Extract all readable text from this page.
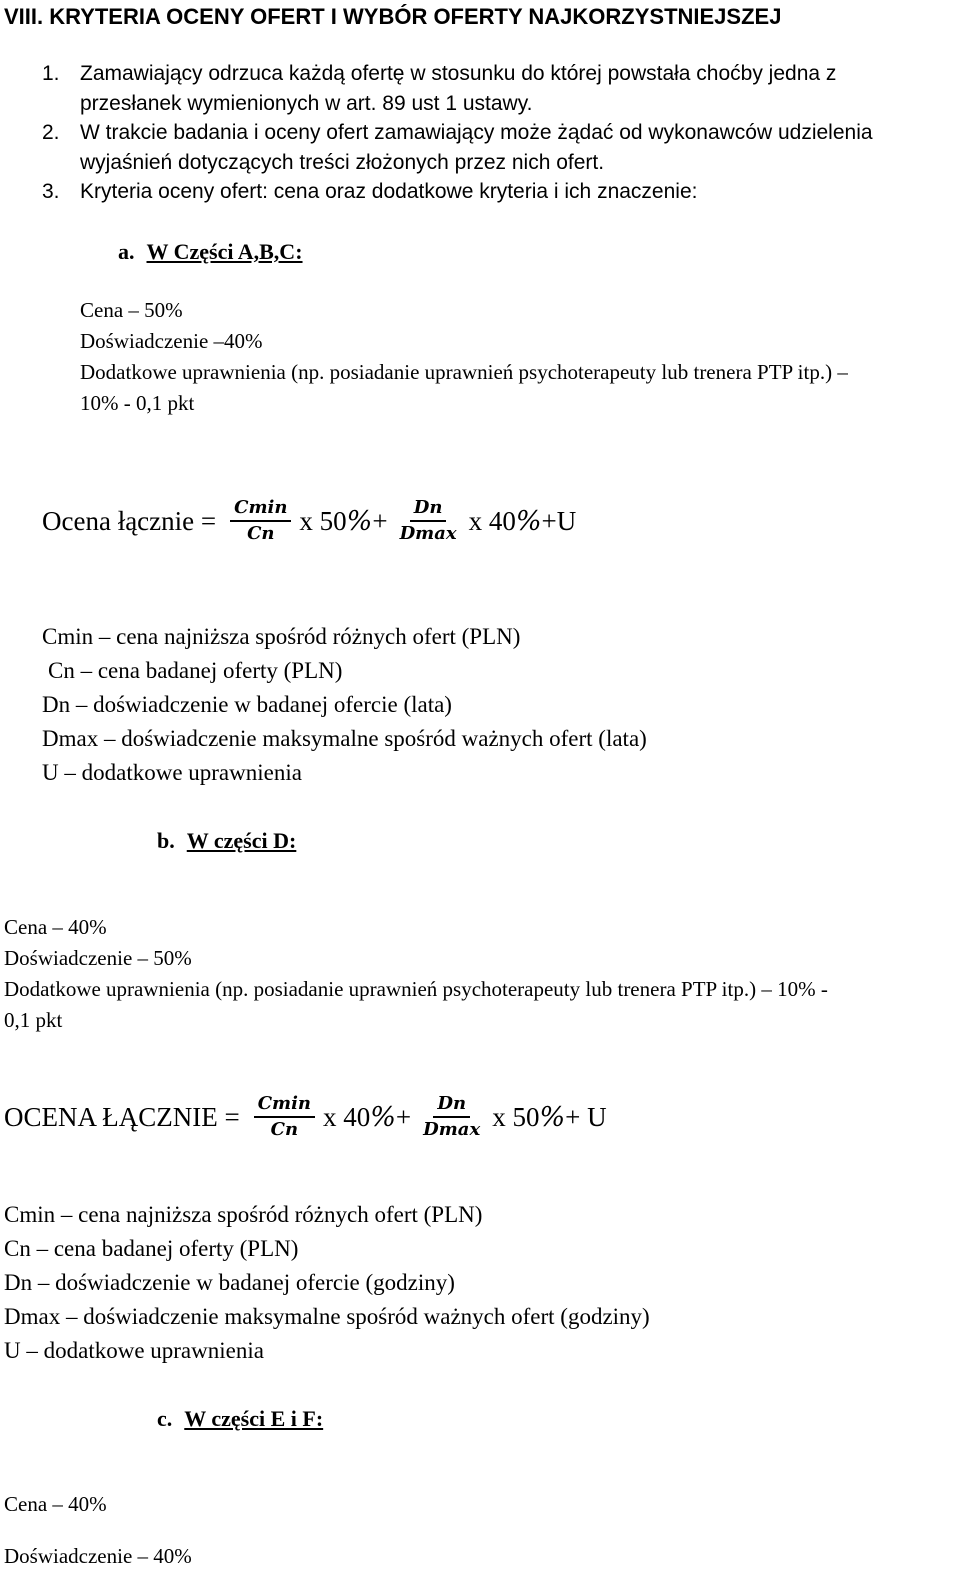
VIII. KRYTERIA OCENY OFERT I WYBÓR OFERTY NAJKORZYSTNIEJSZEJ
1. Zamawiający odrzuca każdą ofertę w stosunku do której powstała choćby jedna z
przesłanek wymienionych w art. 89 ust 1 ustawy.
2. W trakcie badania i oceny ofert zamawiający może żądać od wykonawców udzielenia
wyjaśnień dotyczących treści złożonych przez nich ofert.
3. Kryteria oceny ofert: cena oraz dodatkowe kryteria i ich znaczenie:
a. W Części A,B,C:
Cena – 50%
Doświadczenie –40%
Dodatkowe uprawnienia (np. posiadanie uprawnień psychoterapeuty lub trenera PTP itp.) –
10% - 0,1 pkt
Ocena łącznie = $\frac{Cmin}{Cn}$ x 50 % + $\frac{Dn}{Dmax}$ x 40 % +U
Cmin – cena najniższa spośród różnych ofert (PLN)
Cn – cena badanej oferty (PLN)
Dn – doświadczenie w badanej ofercie (lata)
Dmax – doświadczenie maksymalne spośród ważnych ofert (lata)
U – dodatkowe uprawnienia
b. W części D:
Cena – 40%
Doświadczenie – 50%
Dodatkowe uprawnienia (np. posiadanie uprawnień psychoterapeuty lub trenera PTP itp.) – 10% -
0,1 pkt
OCENA ŁĄCZNIE = $\frac{Cmin}{Cn}$ x 40 % + $\frac{Dn}{Dmax}$ x 50 % + U
Cmin – cena najniższa spośród różnych ofert (PLN)
Cn – cena badanej oferty (PLN)
Dn – doświadczenie w badanej ofercie (godziny)
Dmax – doświadczenie maksymalne spośród ważnych ofert (godziny)
U – dodatkowe uprawnienia
c. W części E i F:
Cena – 40%
Doświadczenie – 40%
